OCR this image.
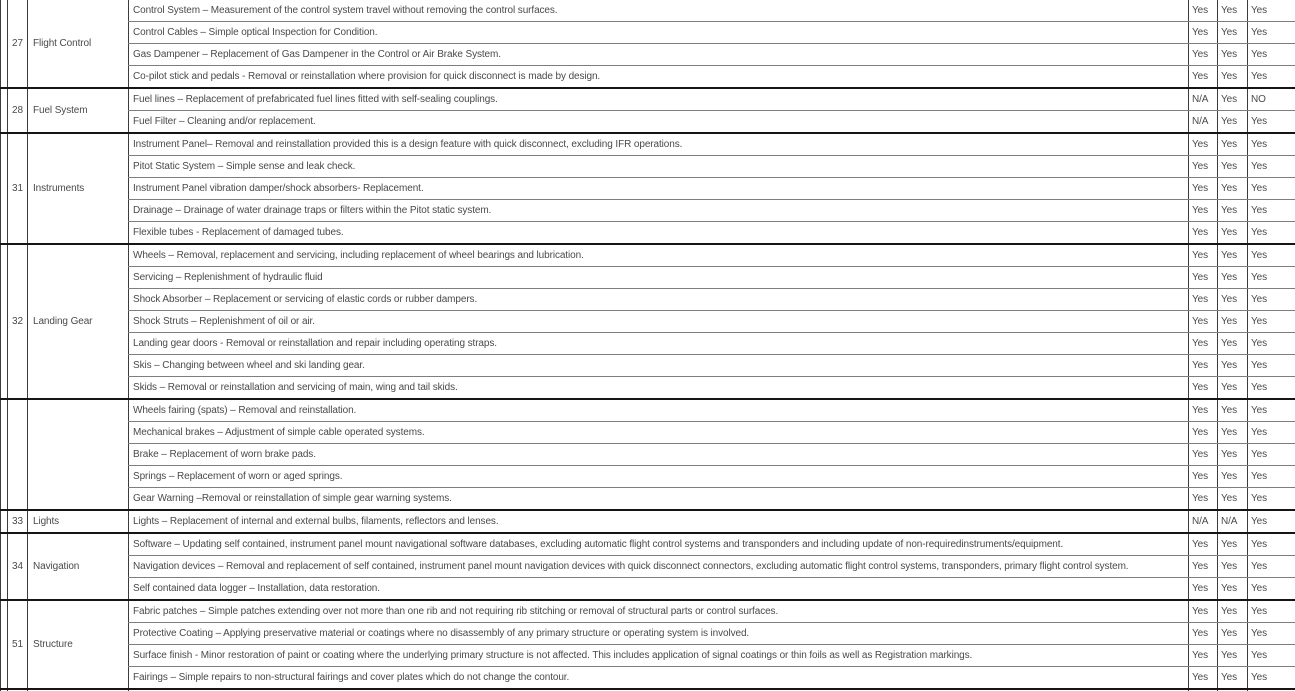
	27	Flight Control	Control System – Measurement of the control system travel without removing the control surfaces.	Yes	Yes	Yes
			Control Cables – Simple optical Inspection for Condition.	Yes	Yes	Yes
			Gas Dampener – Replacement of Gas Dampener in the Control or Air Brake System.	Yes	Yes	Yes
			Co-pilot stick and pedals - Removal or reinstallation where provision for quick disconnect is made by design.	Yes	Yes	Yes
	28	Fuel System	Fuel lines – Replacement of prefabricated fuel lines fitted with self-sealing couplings.	N/A	Yes	NO
			Fuel Filter – Cleaning and/or replacement.	N/A	Yes	Yes
	31	Instruments	Instrument Panel– Removal and reinstallation provided this is a design feature with quick disconnect, excluding IFR operations.	Yes	Yes	Yes
			Pitot Static System – Simple sense and leak check.	Yes	Yes	Yes
			Instrument Panel vibration damper/shock absorbers- Replacement.	Yes	Yes	Yes
			Drainage – Drainage of water drainage traps or filters within the Pitot static system.	Yes	Yes	Yes
			Flexible tubes - Replacement of damaged tubes.	Yes	Yes	Yes
	32	Landing Gear	Wheels – Removal, replacement and servicing, including replacement of wheel bearings and lubrication.	Yes	Yes	Yes
			Servicing – Replenishment of hydraulic fluid	Yes	Yes	Yes
			Shock Absorber – Replacement or servicing of elastic cords or rubber dampers.	Yes	Yes	Yes
			Shock Struts – Replenishment of oil or air.	Yes	Yes	Yes
			Landing gear doors - Removal or reinstallation and repair including operating straps.	Yes	Yes	Yes
			Skis – Changing between wheel and ski landing gear.	Yes	Yes	Yes
			Skids – Removal or reinstallation and servicing of main, wing and tail skids.	Yes	Yes	Yes
			Wheels fairing (spats) – Removal and reinstallation.	Yes	Yes	Yes
			Mechanical brakes – Adjustment of simple cable operated systems.	Yes	Yes	Yes
			Brake – Replacement of worn brake pads.	Yes	Yes	Yes
			Springs – Replacement of worn or aged springs.	Yes	Yes	Yes
			Gear Warning –Removal or reinstallation of simple gear warning systems.	Yes	Yes	Yes
	33	Lights	Lights – Replacement of internal and external bulbs, filaments, reflectors and lenses.	N/A	N/A	Yes
	34	Navigation	Software – Updating self contained, instrument panel mount navigational software databases, excluding automatic flight control systems and transponders and including update of non-requiredinstruments/equipment.	Yes	Yes	Yes
			Navigation devices – Removal and replacement of self contained, instrument panel mount navigation devices with quick disconnect connectors, excluding automatic flight control systems, transponders, primary flight control system.	Yes	Yes	Yes
			Self contained data logger – Installation, data restoration.	Yes	Yes	Yes
	51	Structure	Fabric patches – Simple patches extending over not more than one rib and not requiring rib stitching or removal of structural parts or control surfaces.	Yes	Yes	Yes
			Protective Coating – Applying preservative material or coatings where no disassembly of any primary structure or operating system is involved.	Yes	Yes	Yes
			Surface finish - Minor restoration of paint or coating where the underlying primary structure is not affected. This includes application of signal coatings or thin foils as well as Registration markings.	Yes	Yes	Yes
			Fairings – Simple repairs to non-structural fairings and cover plates which do not change the contour.	Yes	Yes	Yes
